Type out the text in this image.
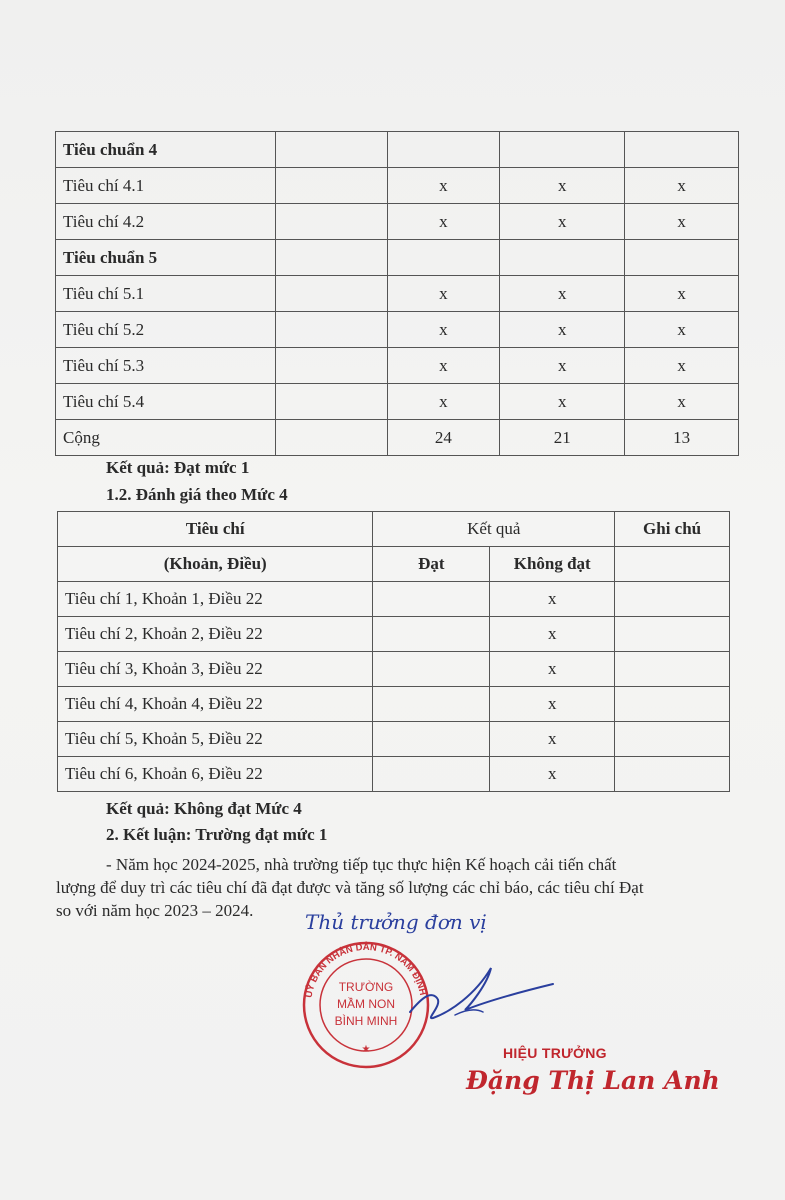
Tiêu chuẩn 4				
Tiêu chí 4.1		x	x	x
Tiêu chí 4.2		x	x	x
Tiêu chuẩn 5				
Tiêu chí 5.1		x	x	x
Tiêu chí 5.2		x	x	x
Tiêu chí 5.3		x	x	x
Tiêu chí 5.4		x	x	x
Cộng		24	21	13
Kết quả: Đạt mức 1
1.2. Đánh giá theo Mức 4
Tiêu chí	Kết quả		Ghi chú
(Khoản, Điều)	Đạt	Không đạt	
Tiêu chí 1, Khoản 1, Điều 22		x	
Tiêu chí 2, Khoản 2, Điều 22		x	
Tiêu chí 3, Khoản 3, Điều 22		x	
Tiêu chí 4, Khoản 4, Điều 22		x	
Tiêu chí 5, Khoản 5, Điều 22		x	
Tiêu chí 6, Khoản 6, Điều 22		x	
Kết quả: Không đạt Mức 4
2. Kết luận: Trường đạt mức 1
- Năm học 2024-2025, nhà trường tiếp tục thực hiện Kế hoạch cải tiến chất
lượng để duy trì các tiêu chí đã đạt được và tăng số lượng các chỉ báo, các tiêu chí Đạt
so với năm học 2023 – 2024.	Thủ trưởng đơn vị
UỶ BAN NHÂN DÂN TP. NAM ĐỊNH
TRƯỜNG
MẦM NON
BÌNH MINH
★	HIỆU TRƯỞNG
Đặng Thị Lan Anh
